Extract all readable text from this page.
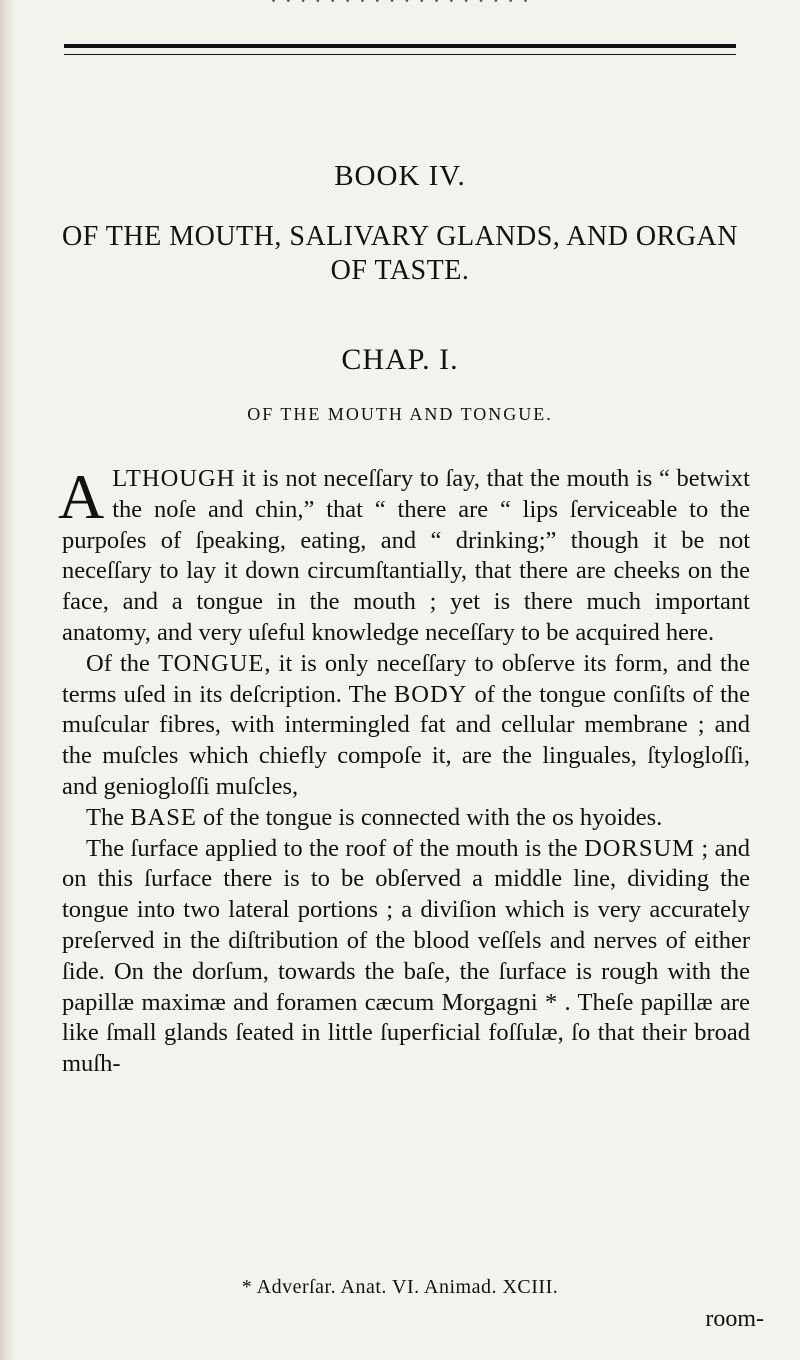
· · · · · · · · · · · · · · · · · ·
BOOK IV.
OF THE MOUTH, SALIVARY GLANDS, AND ORGAN OF TASTE.
CHAP. I.
OF THE MOUTH AND TONGUE.

ALTHOUGH it is not neceſſary to ſay, that the mouth is “ betwixt the noſe and chin,” that “ there are “ lips ſerviceable to the purpoſes of ſpeaking, eating, and “ drinking;” though it be not neceſſary to lay it down circumſtantially, that there are cheeks on the face, and a tongue in the mouth ; yet is there much important anatomy, and very uſeful knowledge neceſſary to be acquired here.

Of the TONGUE, it is only neceſſary to obſerve its form, and the terms uſed in its deſcription. The BODY of the tongue conſiſts of the muſcular fibres, with intermingled fat and cellular membrane ; and the muſcles which chiefly compoſe it, are the linguales, ſtylogloſſi, and geniogloſſi muſcles,

The BASE of the tongue is connected with the os hyoides.

The ſurface applied to the roof of the mouth is the DORSUM ; and on this ſurface there is to be obſerved a middle line, dividing the tongue into two lateral portions ; a diviſion which is very accurately preſerved in the diſtribution of the blood veſſels and nerves of either ſide. On the dorſum, towards the baſe, the ſurface is rough with the papillæ maximæ and foramen cæcum Morgagni * . Theſe papillæ are like ſmall glands ſeated in little ſuperficial foſſulæ, ſo that their broad muſh-

* Adverſar. Anat. VI. Animad. XCIII.
room-
